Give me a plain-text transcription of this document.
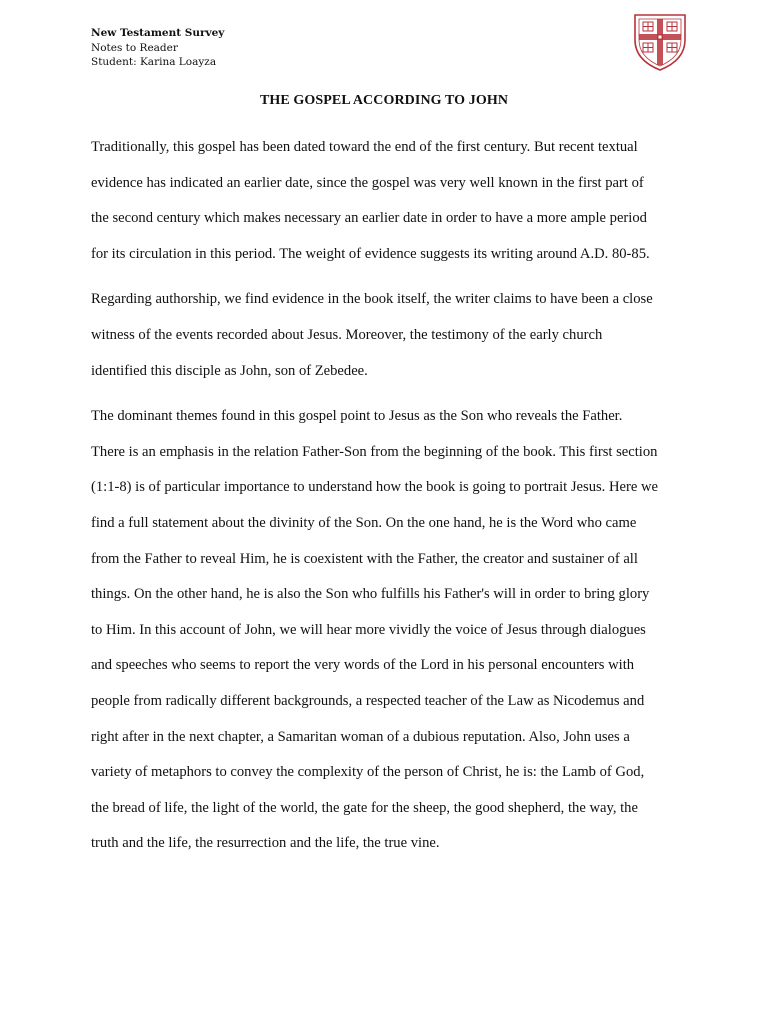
New Testament Survey
Notes to Reader
Student: Karina Loayza
THE GOSPEL ACCORDING TO JOHN
Traditionally, this gospel has been dated toward the end of the first century. But recent textual
evidence has indicated an earlier date, since the gospel was very well known in the first part of
the second century which makes necessary an earlier date in order to have a more ample period
for its circulation in this period. The weight of evidence suggests its writing around A.D. 80-85.
Regarding authorship, we find evidence in the book itself, the writer claims to have been a close
witness of the events recorded about Jesus. Moreover, the testimony of the early church
identified this disciple as John, son of Zebedee.
The dominant themes found in this gospel point to Jesus as the Son who reveals the Father.
There is an emphasis in the relation Father-Son from the beginning of the book. This first section
(1:1-8) is of particular importance to understand how the book is going to portrait Jesus. Here we
find a full statement about the divinity of the Son. On the one hand, he is the Word who came
from the Father to reveal Him, he is coexistent with the Father, the creator and sustainer of all
things. On the other hand, he is also the Son who fulfills his Father's will in order to bring glory
to Him. In this account of John, we will hear more vividly the voice of Jesus through dialogues
and speeches who seems to report the very words of the Lord in his personal encounters with
people from radically different backgrounds, a respected teacher of the Law as Nicodemus and
right after in the next chapter, a Samaritan woman of a dubious reputation. Also, John uses a
variety of metaphors to convey the complexity of the person of Christ, he is: the Lamb of God,
the bread of life, the light of the world, the gate for the sheep, the good shepherd, the way, the
truth and the life, the resurrection and the life, the true vine.
